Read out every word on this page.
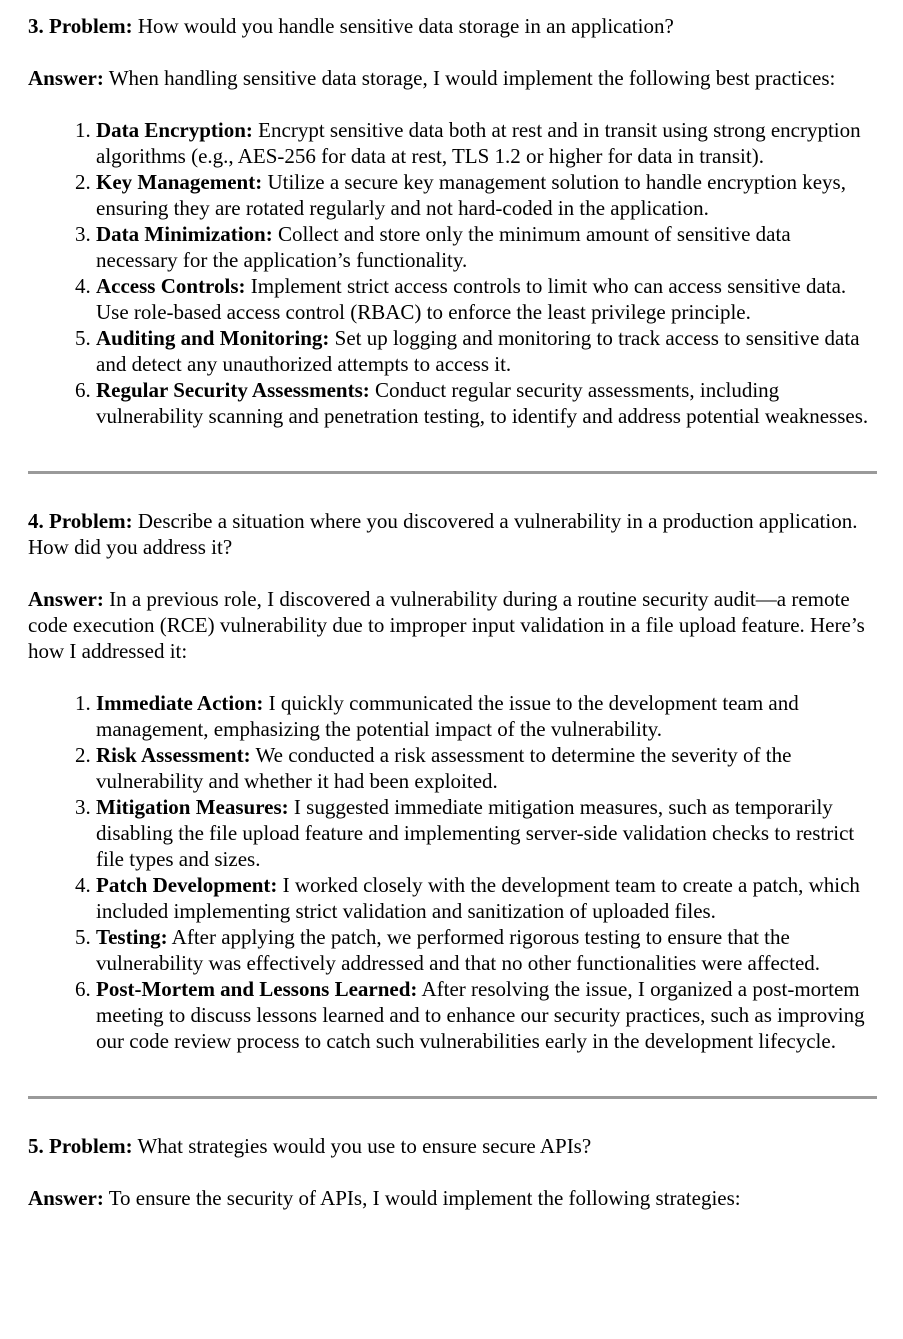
3. Problem: How would you handle sensitive data storage in an application?

Answer: When handling sensitive data storage, I would implement the following best practices:

1. Data Encryption: Encrypt sensitive data both at rest and in transit using strong encryption algorithms (e.g., AES-256 for data at rest, TLS 1.2 or higher for data in transit).
2. Key Management: Utilize a secure key management solution to handle encryption keys, ensuring they are rotated regularly and not hard-coded in the application.
3. Data Minimization: Collect and store only the minimum amount of sensitive data necessary for the application’s functionality.
4. Access Controls: Implement strict access controls to limit who can access sensitive data. Use role-based access control (RBAC) to enforce the least privilege principle.
5. Auditing and Monitoring: Set up logging and monitoring to track access to sensitive data and detect any unauthorized attempts to access it.
6. Regular Security Assessments: Conduct regular security assessments, including vulnerability scanning and penetration testing, to identify and address potential weaknesses.

4. Problem: Describe a situation where you discovered a vulnerability in a production application. How did you address it?

Answer: In a previous role, I discovered a vulnerability during a routine security audit—a remote code execution (RCE) vulnerability due to improper input validation in a file upload feature. Here’s how I addressed it:

1. Immediate Action: I quickly communicated the issue to the development team and management, emphasizing the potential impact of the vulnerability.
2. Risk Assessment: We conducted a risk assessment to determine the severity of the vulnerability and whether it had been exploited.
3. Mitigation Measures: I suggested immediate mitigation measures, such as temporarily disabling the file upload feature and implementing server-side validation checks to restrict file types and sizes.
4. Patch Development: I worked closely with the development team to create a patch, which included implementing strict validation and sanitization of uploaded files.
5. Testing: After applying the patch, we performed rigorous testing to ensure that the vulnerability was effectively addressed and that no other functionalities were affected.
6. Post-Mortem and Lessons Learned: After resolving the issue, I organized a post-mortem meeting to discuss lessons learned and to enhance our security practices, such as improving our code review process to catch such vulnerabilities early in the development lifecycle.

5. Problem: What strategies would you use to ensure secure APIs?

Answer: To ensure the security of APIs, I would implement the following strategies:
